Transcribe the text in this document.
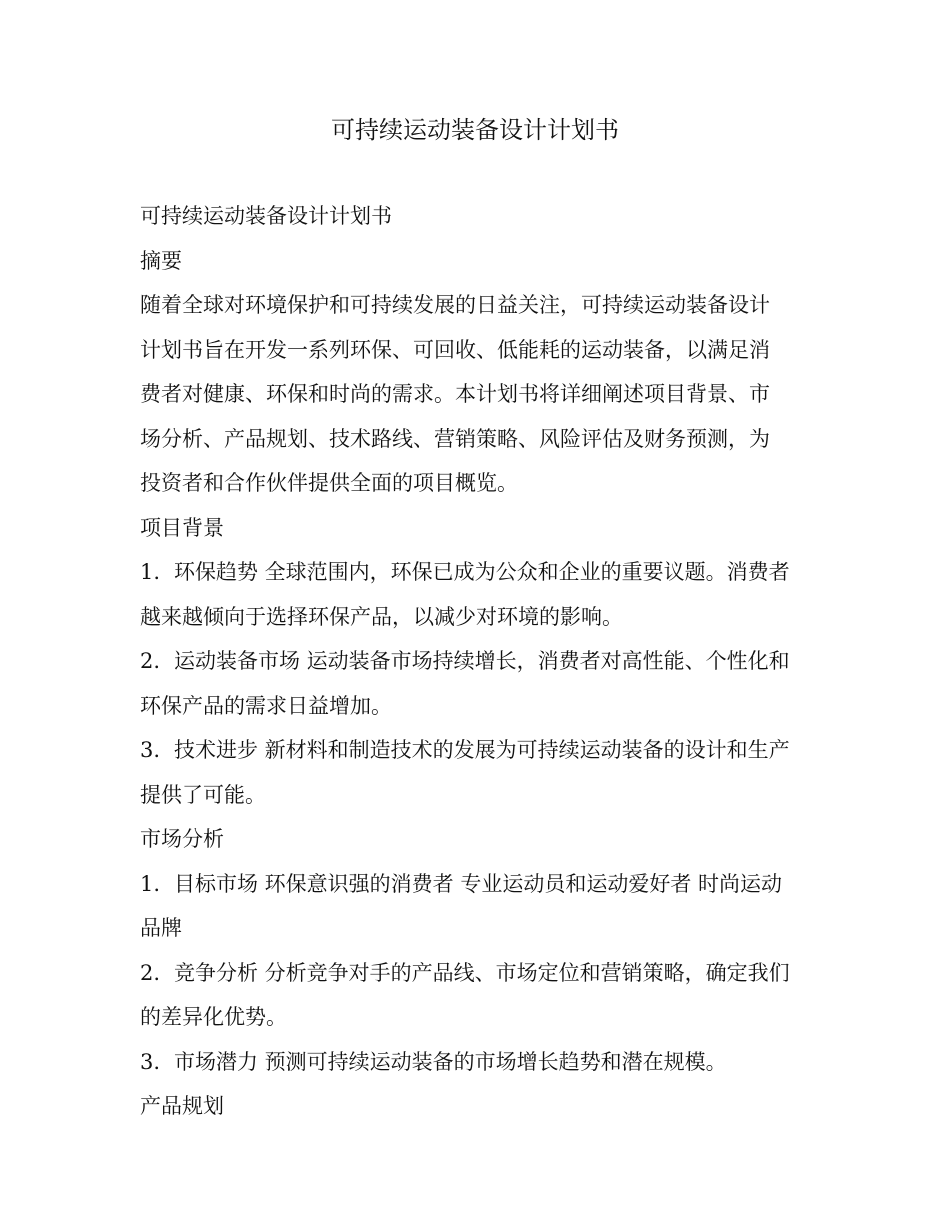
可持续运动装备设计计划书

可持续运动装备设计计划书

摘要

随着全球对环境保护和可持续发展的日益关注，可持续运动装备设计

计划书旨在开发一系列环保、可回收、低能耗的运动装备，以满足消

费者对健康、环保和时尚的需求。本计划书将详细阐述项目背景、市

场分析、产品规划、技术路线、营销策略、风险评估及财务预测，为

投资者和合作伙伴提供全面的项目概览。

项目背景

1. 环保趋势 全球范围内，环保已成为公众和企业的重要议题。消费者

越来越倾向于选择环保产品，以减少对环境的影响。

2. 运动装备市场 运动装备市场持续增长，消费者对高性能、个性化和

环保产品的需求日益增加。

3. 技术进步 新材料和制造技术的发展为可持续运动装备的设计和生产

提供了可能。

市场分析

1. 目标市场 环保意识强的消费者 专业运动员和运动爱好者 时尚运动

品牌

2. 竞争分析 分析竞争对手的产品线、市场定位和营销策略，确定我们

的差异化优势。

3. 市场潜力 预测可持续运动装备的市场增长趋势和潜在规模。

产品规划
